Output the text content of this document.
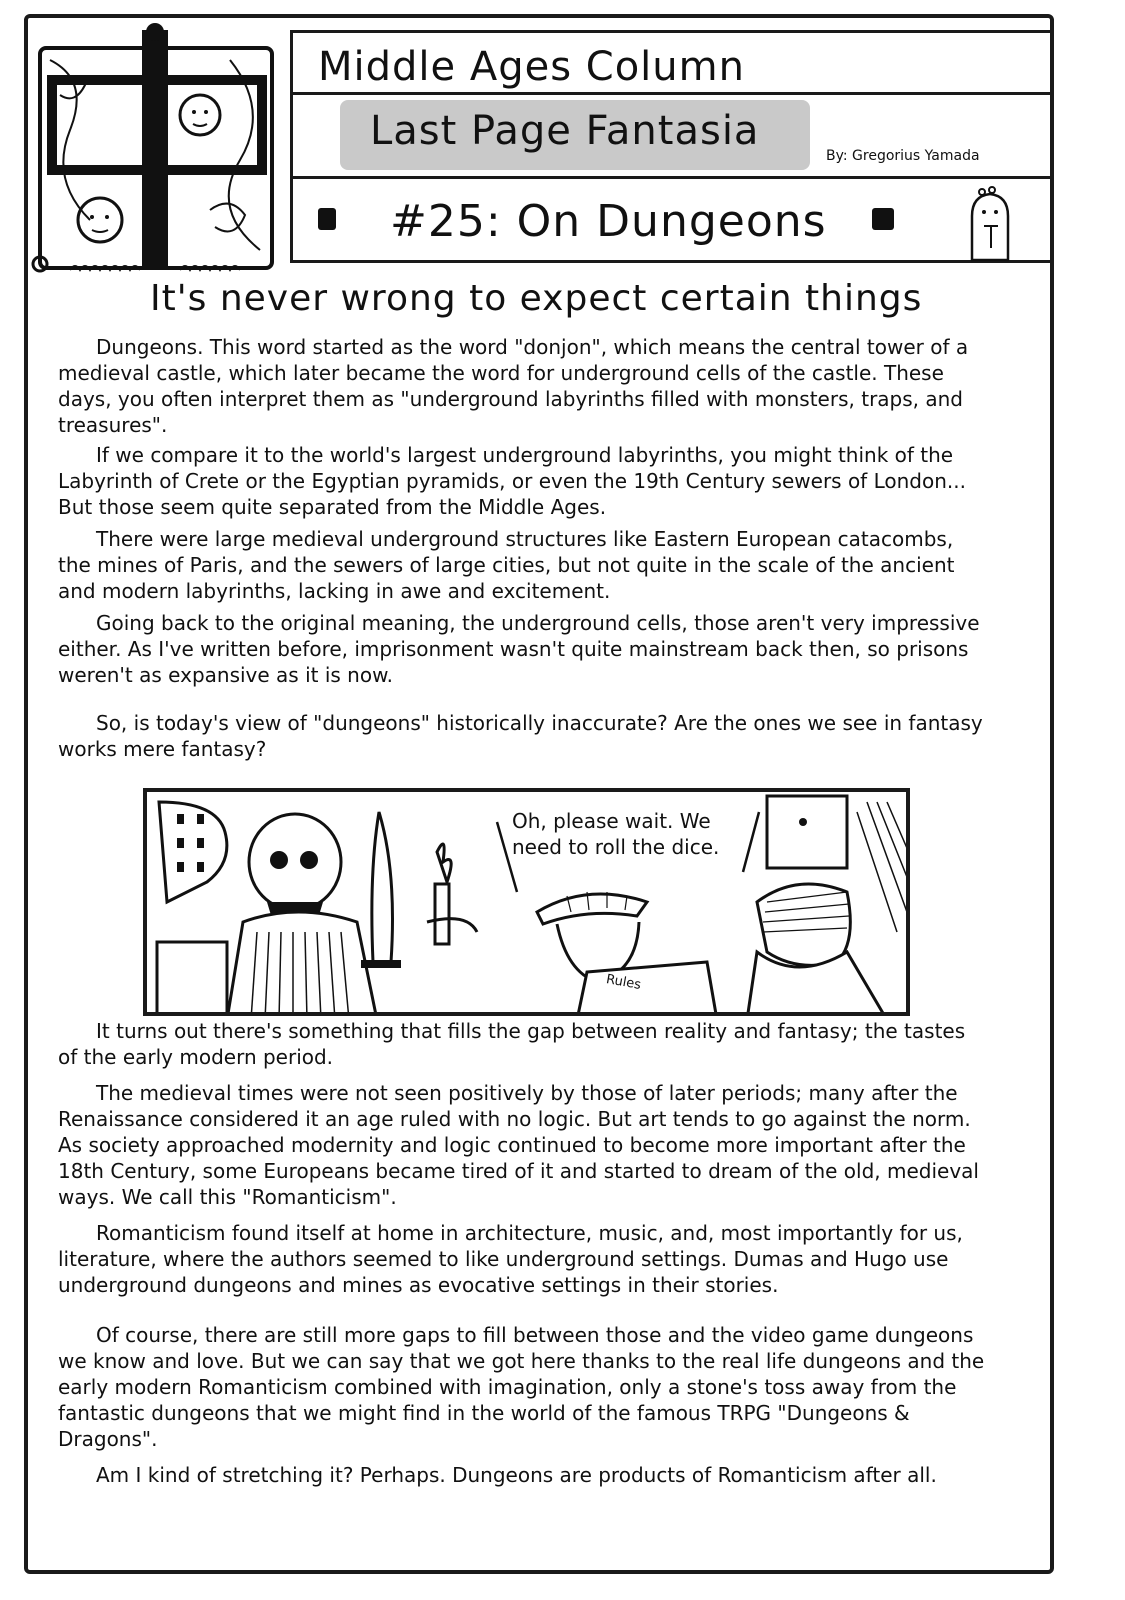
Middle Ages Column
Last Page Fantasia
By: Gregorius Yamada
#25: On Dungeons
It's never wrong to expect certain things

Dungeons. This word started as the word "donjon", which means the central tower of a medieval castle, which later became the word for underground cells of the castle. These days, you often interpret them as "underground labyrinths filled with monsters, traps, and treasures".

If we compare it to the world's largest underground labyrinths, you might think of the Labyrinth of Crete or the Egyptian pyramids, or even the 19th Century sewers of London... But those seem quite separated from the Middle Ages.

There were large medieval underground structures like Eastern European catacombs, the mines of Paris, and the sewers of large cities, but not quite in the scale of the ancient and modern labyrinths, lacking in awe and excitement.

Going back to the original meaning, the underground cells, those aren't very impressive either. As I've written before, imprisonment wasn't quite mainstream back then, so prisons weren't as expansive as it is now.

So, is today's view of "dungeons" historically inaccurate? Are the ones we see in fantasy works mere fantasy?

Oh, please wait. We need to roll the dice.
Rules

It turns out there's something that fills the gap between reality and fantasy; the tastes of the early modern period.

The medieval times were not seen positively by those of later periods; many after the Renaissance considered it an age ruled with no logic. But art tends to go against the norm. As society approached modernity and logic continued to become more important after the 18th Century, some Europeans became tired of it and started to dream of the old, medieval ways. We call this "Romanticism".

Romanticism found itself at home in architecture, music, and, most importantly for us, literature, where the authors seemed to like underground settings. Dumas and Hugo use underground dungeons and mines as evocative settings in their stories.

Of course, there are still more gaps to fill between those and the video game dungeons we know and love. But we can say that we got here thanks to the real life dungeons and the early modern Romanticism combined with imagination, only a stone's toss away from the fantastic dungeons that we might find in the world of the famous TRPG "Dungeons & Dragons".

Am I kind of stretching it? Perhaps. Dungeons are products of Romanticism after all.
